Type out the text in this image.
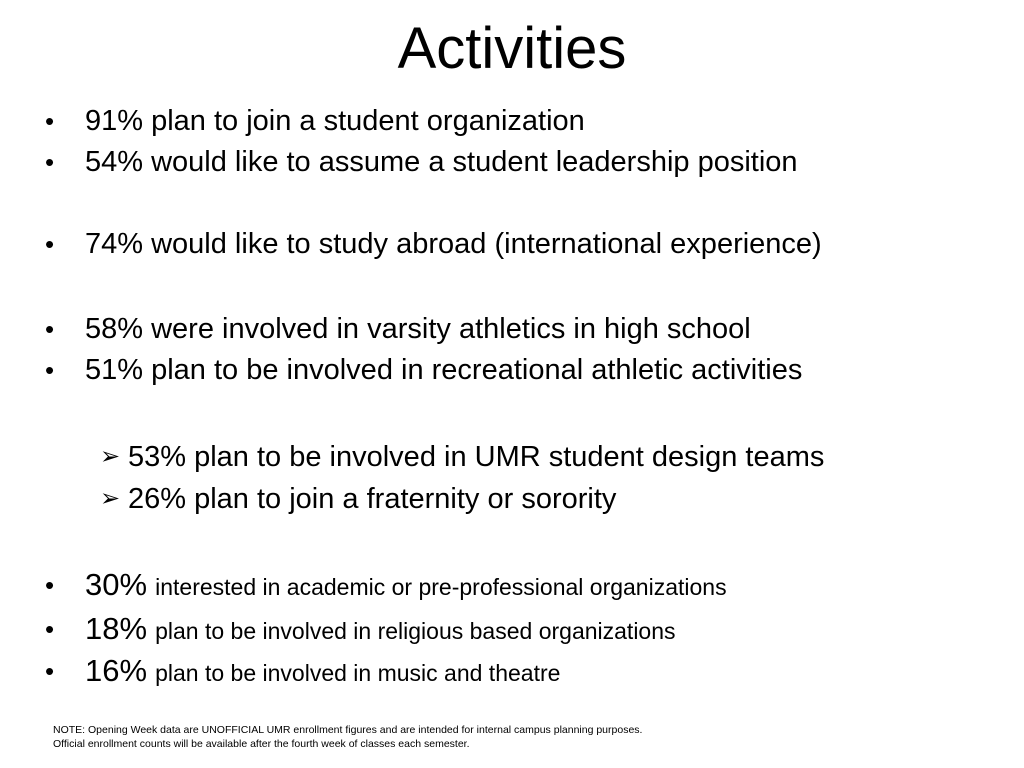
Activities
• 91% plan to join a student organization
• 54% would like to assume a student leadership position
• 74% would like to study abroad (international experience)
• 58% were involved in varsity athletics in high school
• 51% plan to be involved in recreational athletic activities
➢ 53% plan to be involved in UMR student design teams
➢ 26% plan to join a fraternity or sorority
• 30% interested in academic or pre-professional organizations
• 18% plan to be involved in religious based organizations
• 16% plan to be involved in music and theatre
NOTE: Opening Week data are UNOFFICIAL UMR enrollment figures and are intended for internal campus planning purposes.
Official enrollment counts will be available after the fourth week of classes each semester.
